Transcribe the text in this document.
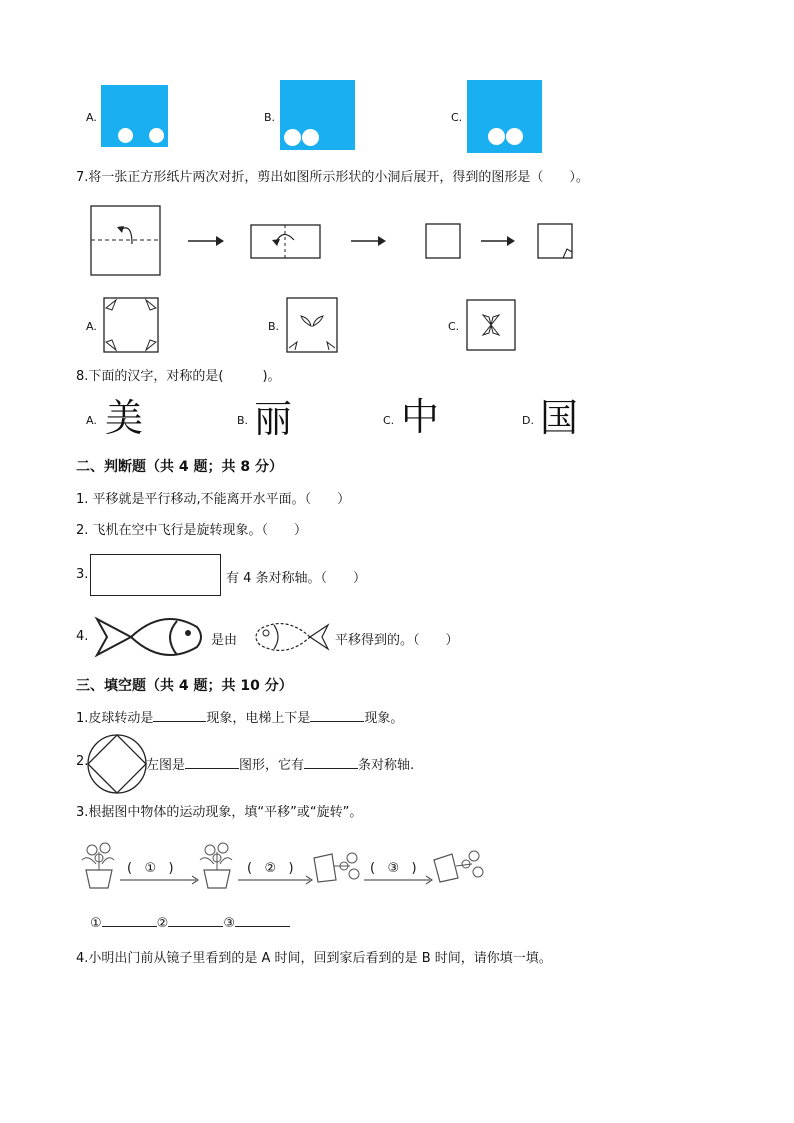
A.	B.	C.
7.将一张正方形纸片两次对折，剪出如图所示形状的小洞后展开，得到的图形是（　　）。
A.	B.	C.
8.下面的汉字，对称的是(　　　)。
A. 美	B. 丽	C. 中	D. 国
二、判断题（共 4 题；共 8 分）
1. 平移就是平行移动,不能离开水平面。（　　）
2. 飞机在空中飞行是旋转现象。（　　）
3.	有 4 条对称轴。（　　）
4.	是由	平移得到的。（　　）
三、填空题（共 4 题；共 10 分）
1.皮球转动是	现象，电梯上下是	现象。
2.	左图是	图形，它有	条对称轴.
3.根据图中物体的运动现象，填“平移”或“旋转”。
(   ①   )	(   ②   )	(   ③   )
①	②	③
4.小明出门前从镜子里看到的是 A 时间，回到家后看到的是 B 时间，请你填一填。
